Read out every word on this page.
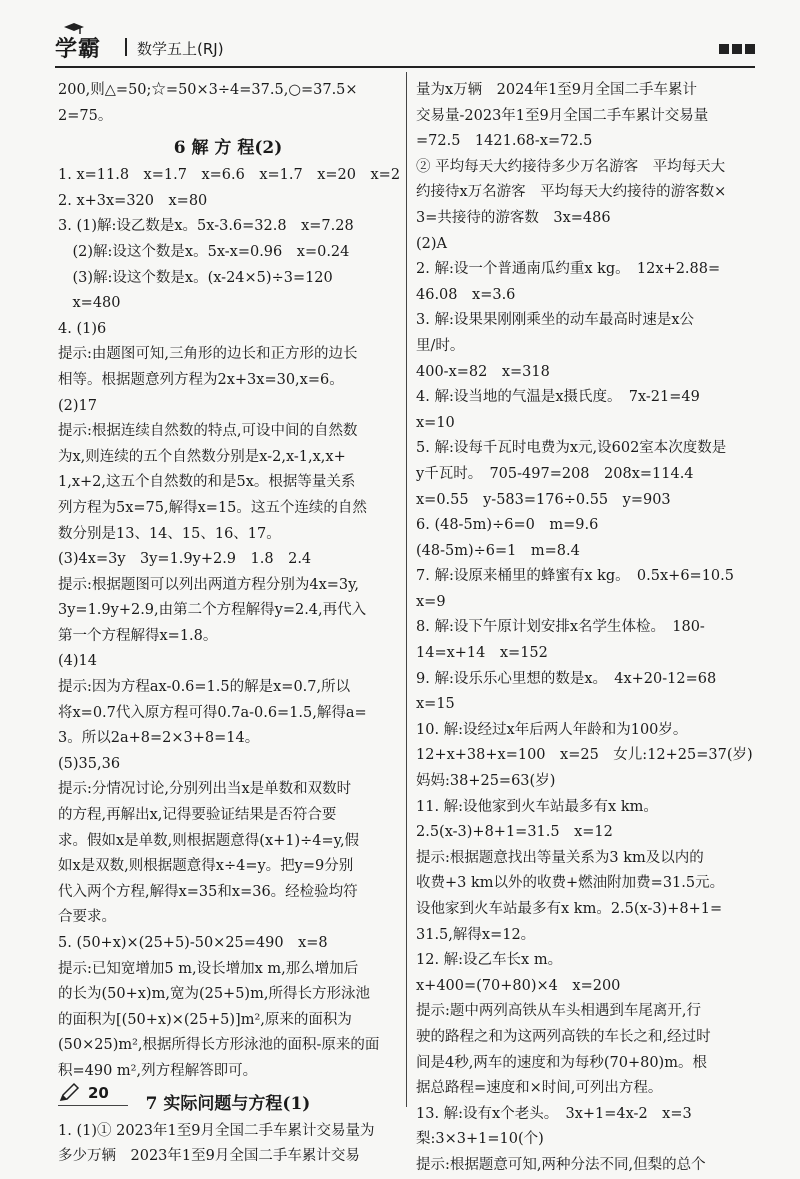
学霸 数学五上(RJ)
200,则△=50;☆=50×3÷4=37.5,○=37.5×
2=75。
6 解 方 程(2)
1. x=11.8　x=1.7　x=6.6　x=1.7　x=20　x=2
2. x+3x=320　x=80
3. (1)解:设乙数是x。5x-3.6=32.8　x=7.28
　(2)解:设这个数是x。5x-x=0.96　x=0.24
　(3)解:设这个数是x。(x-24×5)÷3=120
　x=480
4. (1)6
提示:由题图可知,三角形的边长和正方形的边长
相等。根据题意列方程为2x+3x=30,x=6。
(2)17
提示:根据连续自然数的特点,可设中间的自然数
为x,则连续的五个自然数分别是x-2,x-1,x,x+
1,x+2,这五个自然数的和是5x。根据等量关系
列方程为5x=75,解得x=15。这五个连续的自然
数分别是13、14、15、16、17。
(3)4x=3y　3y=1.9y+2.9　1.8　2.4
提示:根据题图可以列出两道方程分别为4x=3y,
3y=1.9y+2.9,由第二个方程解得y=2.4,再代入
第一个方程解得x=1.8。
(4)14
提示:因为方程ax-0.6=1.5的解是x=0.7,所以
将x=0.7代入原方程可得0.7a-0.6=1.5,解得a=
3。所以2a+8=2×3+8=14。
(5)35,36
提示:分情况讨论,分别列出当x是单数和双数时
的方程,再解出x,记得要验证结果是否符合要
求。假如x是单数,则根据题意得(x+1)÷4=y,假
如x是双数,则根据题意得x÷4=y。把y=9分别
代入两个方程,解得x=35和x=36。经检验均符
合要求。
5. (50+x)×(25+5)-50×25=490　x=8
提示:已知宽增加5 m,设长增加x m,那么增加后
的长为(50+x)m,宽为(25+5)m,所得长方形泳池
的面积为[(50+x)×(25+5)]m²,原来的面积为
(50×25)m²,根据所得长方形泳池的面积-原来的面
积=490 m²,列方程解答即可。
7 实际问题与方程(1)
1. (1)① 2023年1至9月全国二手车累计交易量为
多少万辆　2023年1至9月全国二手车累计交易
量为x万辆　2024年1至9月全国二手车累计
交易量-2023年1至9月全国二手车累计交易量
=72.5　1421.68-x=72.5
② 平均每天大约接待多少万名游客　平均每天大
约接待x万名游客　平均每天大约接待的游客数×
3=共接待的游客数　3x=486
(2)A
2. 解:设一个普通南瓜约重x kg。　12x+2.88=
46.08　x=3.6
3. 解:设果果刚刚乘坐的动车最高时速是x公
里/时。
400-x=82　x=318
4. 解:设当地的气温是x摄氏度。　7x-21=49
x=10
5. 解:设每千瓦时电费为x元,设602室本次度数是
y千瓦时。　705-497=208　208x=114.4
x=0.55　y-583=176÷0.55　y=903
6. (48-5m)÷6=0　m=9.6
(48-5m)÷6=1　m=8.4
7. 解:设原来桶里的蜂蜜有x kg。　0.5x+6=10.5
x=9
8. 解:设下午原计划安排x名学生体检。　180-
14=x+14　x=152
9. 解:设乐乐心里想的数是x。　4x+20-12=68
x=15
10. 解:设经过x年后两人年龄和为100岁。
12+x+38+x=100　x=25　女儿:12+25=37(岁)
妈妈:38+25=63(岁)
11. 解:设他家到火车站最多有x km。
2.5(x-3)+8+1=31.5　x=12
提示:根据题意找出等量关系为3 km及以内的
收费+3 km以外的收费+燃油附加费=31.5元。
设他家到火车站最多有x km。2.5(x-3)+8+1=
31.5,解得x=12。
12. 解:设乙车长x m。
x+400=(70+80)×4　x=200
提示:题中两列高铁从车头相遇到车尾离开,行
驶的路程之和为这两列高铁的车长之和,经过时
间是4秒,两车的速度和为每秒(70+80)m。根
据总路程=速度和×时间,可列出方程。
13. 解:设有x个老头。　3x+1=4x-2　x=3
梨:3×3+1=10(个)
提示:根据题意可知,两种分法不同,但梨的总个
20
